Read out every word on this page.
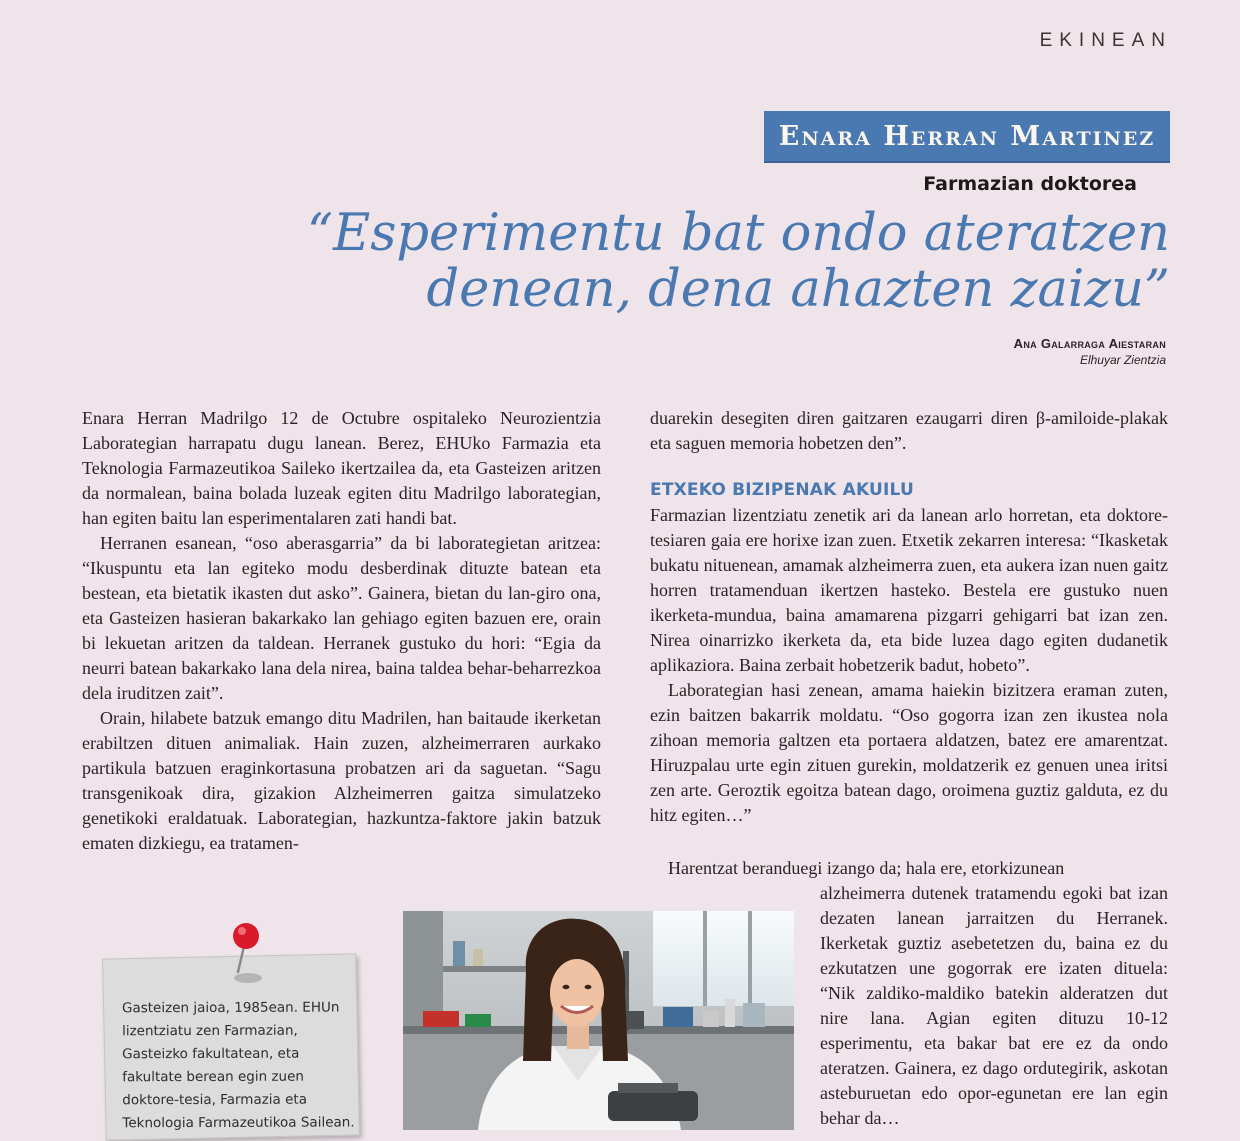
EKINEAN
Enara Herran Martinez
Farmazian doktorea
“Esperimentu bat ondo ateratzen
denean, dena ahazten zaizu”
Ana Galarraga Aiestaran
Elhuyar Zientzia

Enara Herran Madrilgo 12 de Octubre ospitaleko Neurozientzia Laborategian harrapatu dugu lanean. Berez, EHUko Farmazia eta Teknologia Farmazeutikoa Saileko ikertzailea da, eta Gasteizen aritzen da normalean, baina bolada luzeak egiten ditu Madrilgo laborategian, han egiten baitu lan esperimentalaren zati handi bat.

Herranen esanean, “oso aberasgarria” da bi laborategietan aritzea: “Ikuspuntu eta lan egiteko modu desberdinak dituzte batean eta bestean, eta bietatik ikasten dut asko”. Gainera, bietan du lan-giro ona, eta Gasteizen hasieran bakarkako lan gehiago egiten bazuen ere, orain bi lekuetan aritzen da taldean. Herranek gustuko du hori: “Egia da neurri batean bakarkako lana dela nirea, baina taldea behar-beharrezkoa dela iruditzen zait”.

Orain, hilabete batzuk emango ditu Madrilen, han baitaude ikerketan erabiltzen dituen animaliak. Hain zuzen, alzheimerraren aurkako partikula batzuen eraginkortasuna probatzen ari da saguetan. “Sagu transgenikoak dira, gizakion Alzheimerren gaitza simulatzeko genetikoki eraldatuak. Laborategian, hazkuntza-faktore jakin batzuk ematen dizkiegu, ea tratamen-

duarekin desegiten diren gaitzaren ezaugarri diren β-amiloide-plakak eta saguen memoria hobetzen den”.

ETXEKO BIZIPENAK AKUILU

Farmazian lizentziatu zenetik ari da lanean arlo horretan, eta doktore-tesiaren gaia ere horixe izan zuen. Etxetik zekarren interesa: “Ikasketak bukatu nituenean, amamak alzheimerra zuen, eta aukera izan nuen gaitz horren tratamenduan ikertzen hasteko. Bestela ere gustuko nuen ikerketa-mundua, baina amamarena pizgarri gehigarri bat izan zen. Nirea oinarrizko ikerketa da, eta bide luzea dago egiten dudanetik aplikaziora. Baina zerbait hobetzerik badut, hobeto”.

Laborategian hasi zenean, amama haiekin bizitzera eraman zuten, ezin baitzen bakarrik moldatu. “Oso gogorra izan zen ikustea nola zihoan memoria galtzen eta portaera aldatzen, batez ere amarentzat. Hiruzpalau urte egin zituen gurekin, moldatzerik ez genuen unea iritsi zen arte. Geroztik egoitza batean dago, oroimena guztiz galduta, ez du hitz egiten…”

Harentzat beranduegi izango da; hala ere, etorkizunean

alzheimerra dutenek tratamendu egoki bat izan dezaten lanean jarraitzen du Herranek. Ikerketak guztiz asebetetzen du, baina ez du ezkutatzen une gogorrak ere izaten dituela: “Nik zaldiko-maldiko batekin alderatzen dut nire lana. Agian egiten dituzu 10-12 esperimentu, eta bakar bat ere ez da ondo ateratzen. Gainera, ez dago ordutegirik, askotan asteburuetan edo opor-egunetan ere lan egin behar da…

Gasteizen jaioa, 1985ean. EHUn
lizentziatu zen Farmazian,
Gasteizko fakultatean, eta
fakultate berean egin zuen
doktore-tesia, Farmazia eta
Teknologia Farmazeutikoa Sailean.
